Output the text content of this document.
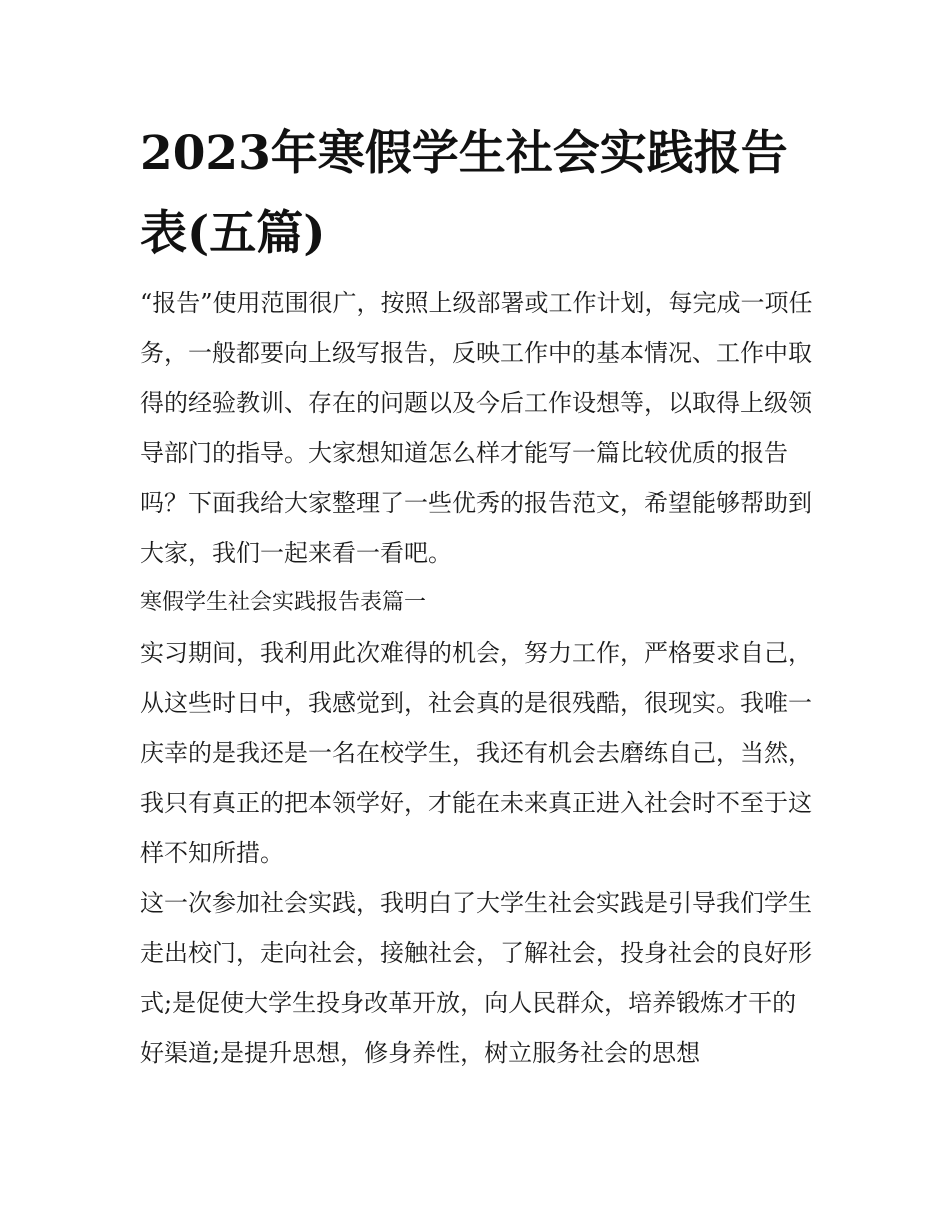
2023年寒假学生社会实践报告表(五篇)

“报告”使用范围很广，按照上级部署或工作计划，每完成一项任务，一般都要向上级写报告，反映工作中的基本情况、工作中取得的经验教训、存在的问题以及今后工作设想等，以取得上级领导部门的指导。大家想知道怎么样才能写一篇比较优质的报告吗？下面我给大家整理了一些优秀的报告范文，希望能够帮助到大家，我们一起来看一看吧。

寒假学生社会实践报告表篇一

实习期间，我利用此次难得的机会，努力工作，严格要求自己，从这些时日中，我感觉到，社会真的是很残酷，很现实。我唯一庆幸的是我还是一名在校学生，我还有机会去磨练自己，当然，我只有真正的把本领学好，才能在未来真正进入社会时不至于这样不知所措。

这一次参加社会实践，我明白了大学生社会实践是引导我们学生走出校门，走向社会，接触社会，了解社会，投身社会的良好形式;是促使大学生投身改革开放，向人民群众，培养锻炼才干的好渠道;是提升思想，修身养性，树立服务社会的思想
